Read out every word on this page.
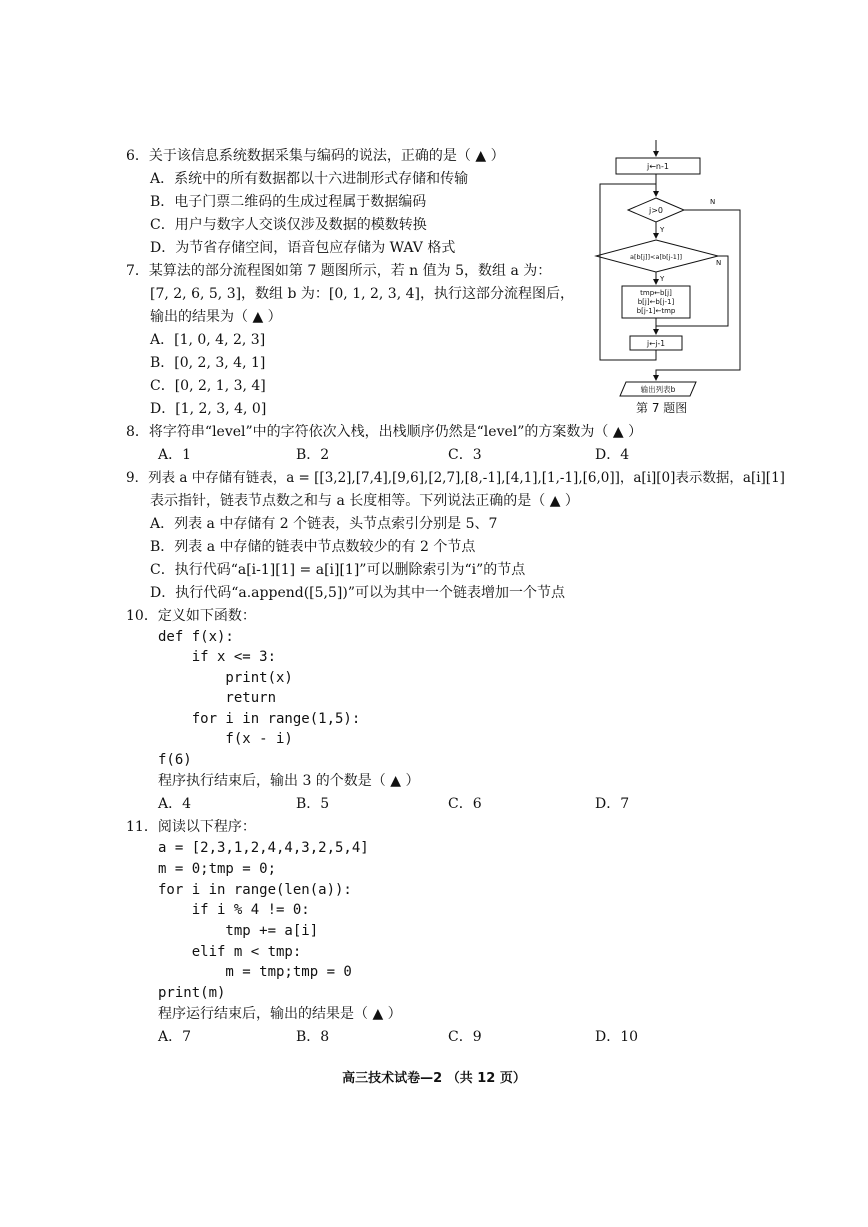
6．关于该信息系统数据采集与编码的说法，正确的是（ ▲ ）
A．系统中的所有数据都以十六进制形式存储和传输
B．电子门票二维码的生成过程属于数据编码
C．用户与数字人交谈仅涉及数据的模数转换
D．为节省存储空间，语音包应存储为 WAV 格式
7．某算法的部分流程图如第 7 题图所示，若 n 值为 5，数组 a 为：
[7, 2, 6, 5, 3]，数组 b 为：[0, 1, 2, 3, 4]，执行这部分流程图后，
输出的结果为（ ▲ ）
A．[1, 0, 4, 2, 3]
B．[0, 2, 3, 4, 1]
C．[0, 2, 1, 3, 4]
D．[1, 2, 3, 4, 0]
j←n-1
j>0
Y
N
a[b[j]]<a[b[j-1]]
Y
N
tmp←b[j]
b[j]←b[j-1]
b[j-1]←tmp
j←j-1
输出列表b
第 7 题图
8．将字符串“level”中的字符依次入栈，出栈顺序仍然是“level”的方案数为（ ▲ ）
A．1	B．2	C．3	D．4
9．列表 a 中存储有链表，a = [[3,2],[7,4],[9,6],[2,7],[8,-1],[4,1],[1,-1],[6,0]]，a[i][0]表示数据，a[i][1]
表示指针，链表节点数之和与 a 长度相等。下列说法正确的是（ ▲ ）
A．列表 a 中存储有 2 个链表，头节点索引分别是 5、7
B．列表 a 中存储的链表中节点数较少的有 2 个节点
C．执行代码“a[i-1][1] = a[i][1]”可以删除索引为“i”的节点
D．执行代码“a.append([5,5])”可以为其中一个链表增加一个节点
10．定义如下函数：
def f(x):
if x <= 3:
print(x)
return
for i in range(1,5):
f(x - i)
f(6)
程序执行结束后，输出 3 的个数是（ ▲ ）
A．4	B．5	C．6	D．7
11．阅读以下程序：
a = [2,3,1,2,4,4,3,2,5,4]
m = 0;tmp = 0;
for i in range(len(a)):
if i % 4 != 0:
tmp += a[i]
elif m < tmp:
m = tmp;tmp = 0
print(m)
程序运行结束后，输出的结果是（ ▲ ）
A．7	B．8	C．9	D．10
高三技术试卷—2 （共 12 页）
